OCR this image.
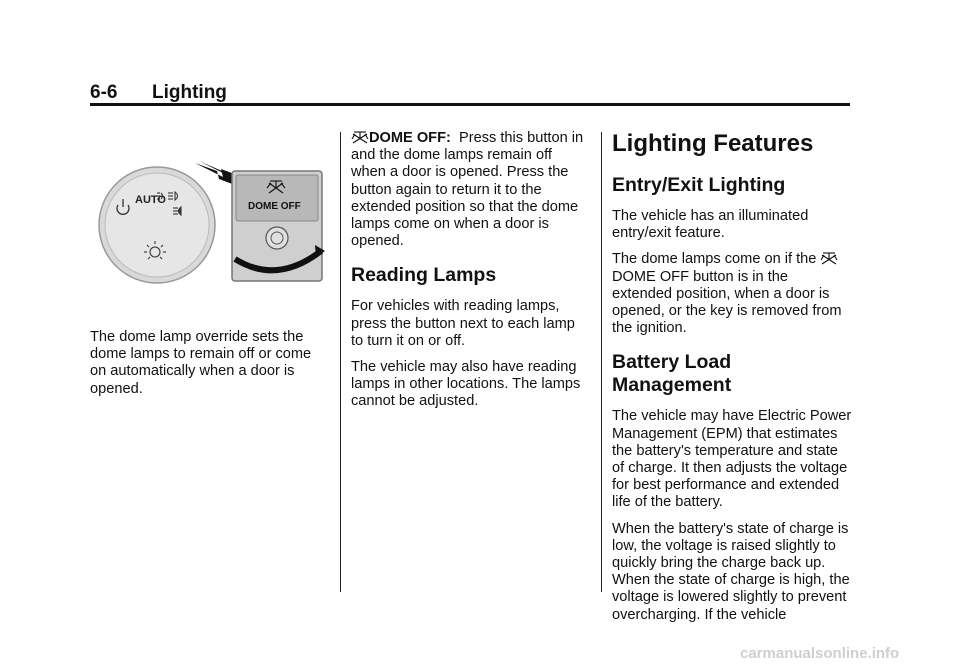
6-6 Lighting
AUTO
DOME OFF
The dome lamp override sets the dome lamps to remain off or come on automatically when a door is opened.

DOME OFF: Press this button in and the dome lamps remain off when a door is opened. Press the button again to return it to the extended position so that the dome lamps come on when a door is opened.

Reading Lamps

For vehicles with reading lamps, press the button next to each lamp to turn it on or off.

The vehicle may also have reading lamps in other locations. The lamps cannot be adjusted.

Lighting Features
Entry/Exit Lighting

The vehicle has an illuminated entry/exit feature.

The dome lamps come on if the  DOME OFF button is in the extended position, when a door is opened, or the key is removed from the ignition.

Battery Load Management

The vehicle may have Electric Power Management (EPM) that estimates the battery's temperature and state of charge. It then adjusts the voltage for best performance and extended life of the battery.

When the battery's state of charge is low, the voltage is raised slightly to quickly bring the charge back up. When the state of charge is high, the voltage is lowered slightly to prevent overcharging. If the vehicle

carmanualsonline.info
